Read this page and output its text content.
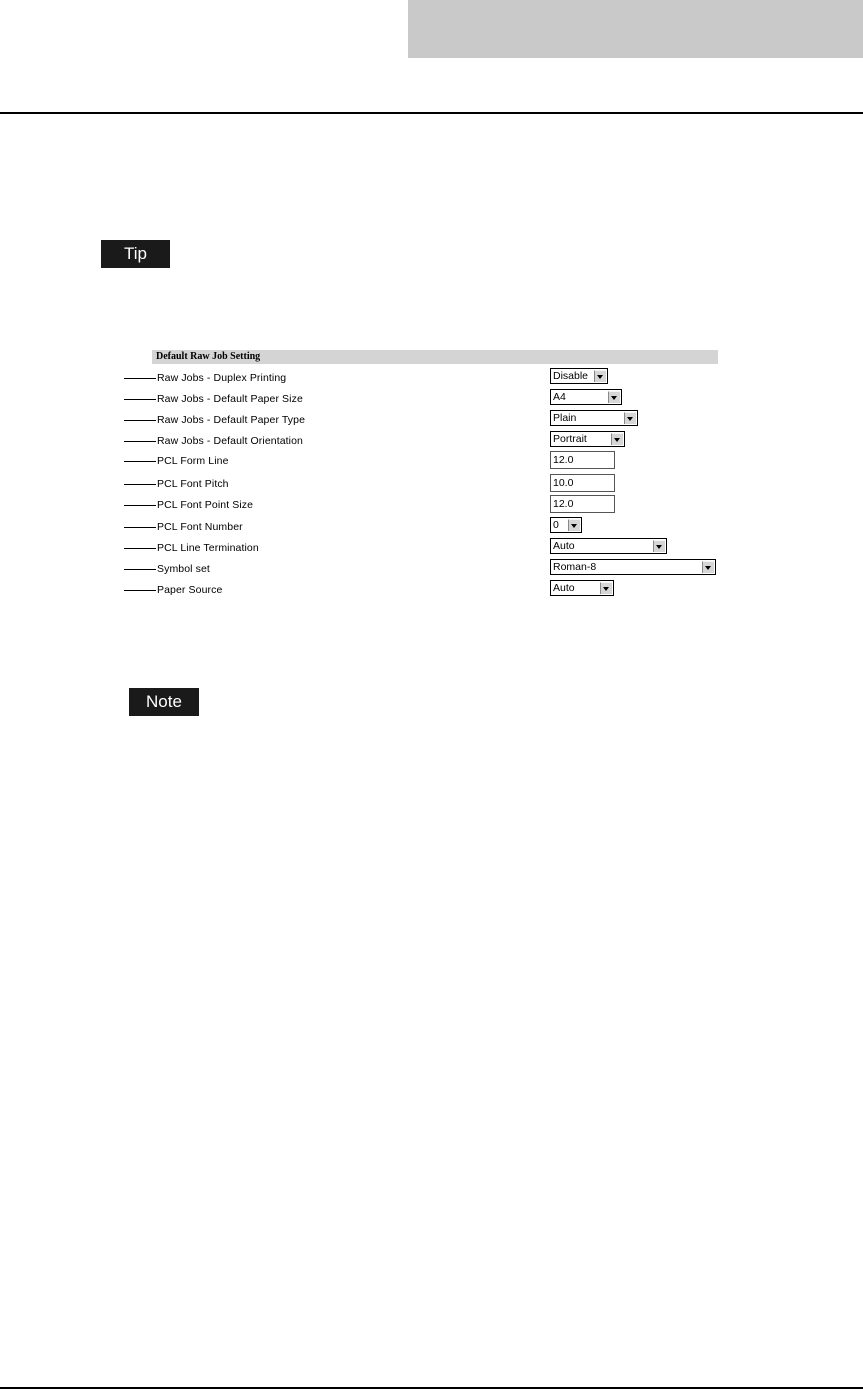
Tip
Default Raw Job Setting
Raw Jobs - Duplex Printing	Disable
Raw Jobs - Default Paper Size	A4
Raw Jobs - Default Paper Type	Plain
Raw Jobs - Default Orientation	Portrait
PCL Form Line	12.0
PCL Font Pitch	10.0
PCL Font Point Size	12.0
PCL Font Number	0
PCL Line Termination	Auto
Symbol set	Roman-8
Paper Source	Auto
Note
